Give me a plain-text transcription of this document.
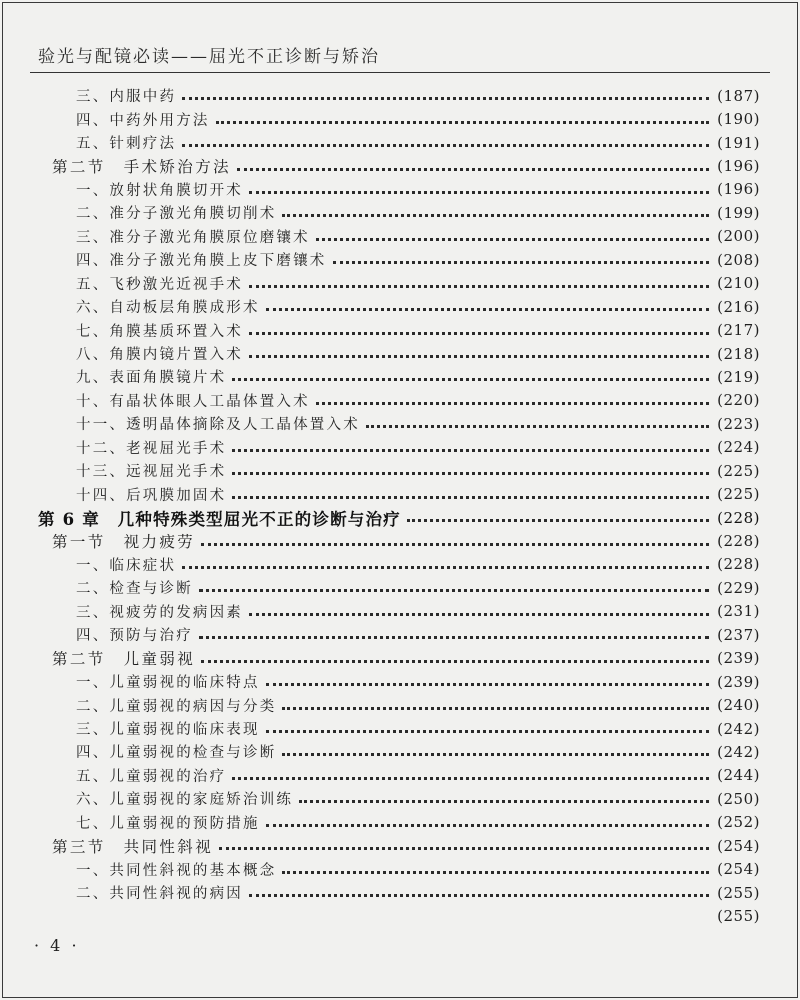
验光与配镜必读——屈光不正诊断与矫治
三、内服中药	(187)
四、中药外用方法	(190)
五、针刺疗法	(191)
第二节　手术矫治方法	(196)
一、放射状角膜切开术	(196)
二、准分子激光角膜切削术	(199)
三、准分子激光角膜原位磨镶术	(200)
四、准分子激光角膜上皮下磨镶术	(208)
五、飞秒激光近视手术	(210)
六、自动板层角膜成形术	(216)
七、角膜基质环置入术	(217)
八、角膜内镜片置入术	(218)
九、表面角膜镜片术	(219)
十、有晶状体眼人工晶体置入术	(220)
十一、透明晶体摘除及人工晶体置入术	(223)
十二、老视屈光手术	(224)
十三、远视屈光手术	(225)
十四、后巩膜加固术	(225)
第 6 章　几种特殊类型屈光不正的诊断与治疗	(228)
第一节　视力疲劳	(228)
一、临床症状	(228)
二、检查与诊断	(229)
三、视疲劳的发病因素	(231)
四、预防与治疗	(237)
第二节　儿童弱视	(239)
一、儿童弱视的临床特点	(239)
二、儿童弱视的病因与分类	(240)
三、儿童弱视的临床表现	(242)
四、儿童弱视的检查与诊断	(242)
五、儿童弱视的治疗	(244)
六、儿童弱视的家庭矫治训练	(250)
七、儿童弱视的预防措施	(252)
第三节　共同性斜视	(254)
一、共同性斜视的基本概念	(254)
二、共同性斜视的病因	(255)
(255)
· 4 ·
